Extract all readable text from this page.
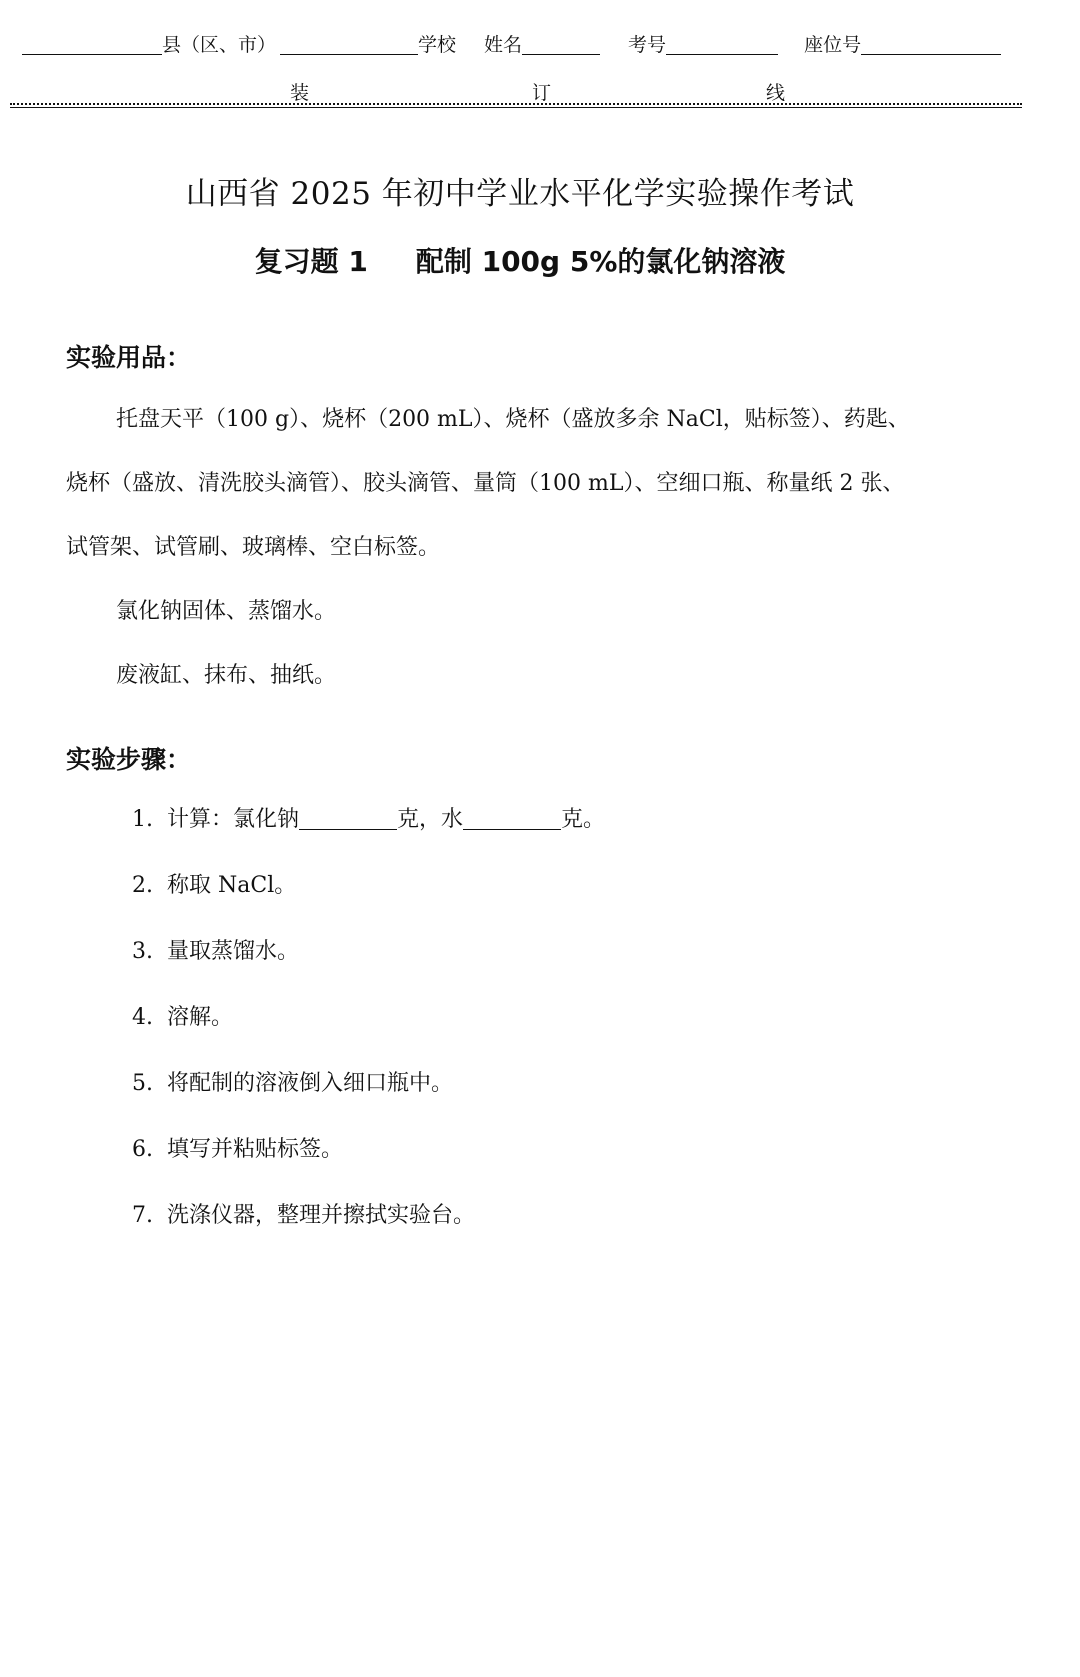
县（区、市）	学校 姓名	考号	座位号
装	订	线
山西省 2025 年初中学业水平化学实验操作考试
复习题 1 配制 100g 5%的氯化钠溶液
实验用品：
托盘天平（100 g）、烧杯（200 mL）、烧杯（盛放多余 NaCl，贴标签）、药匙、
烧杯（盛放、清洗胶头滴管）、胶头滴管、量筒（100 mL）、空细口瓶、称量纸 2 张、
试管架、试管刷、玻璃棒、空白标签。
氯化钠固体、蒸馏水。
废液缸、抹布、抽纸。
实验步骤：
1. 计算：氯化钠	克，水	克。
2. 称取 NaCl。
3. 量取蒸馏水。
4. 溶解。
5. 将配制的溶液倒入细口瓶中。
6. 填写并粘贴标签。
7. 洗涤仪器，整理并擦拭实验台。
